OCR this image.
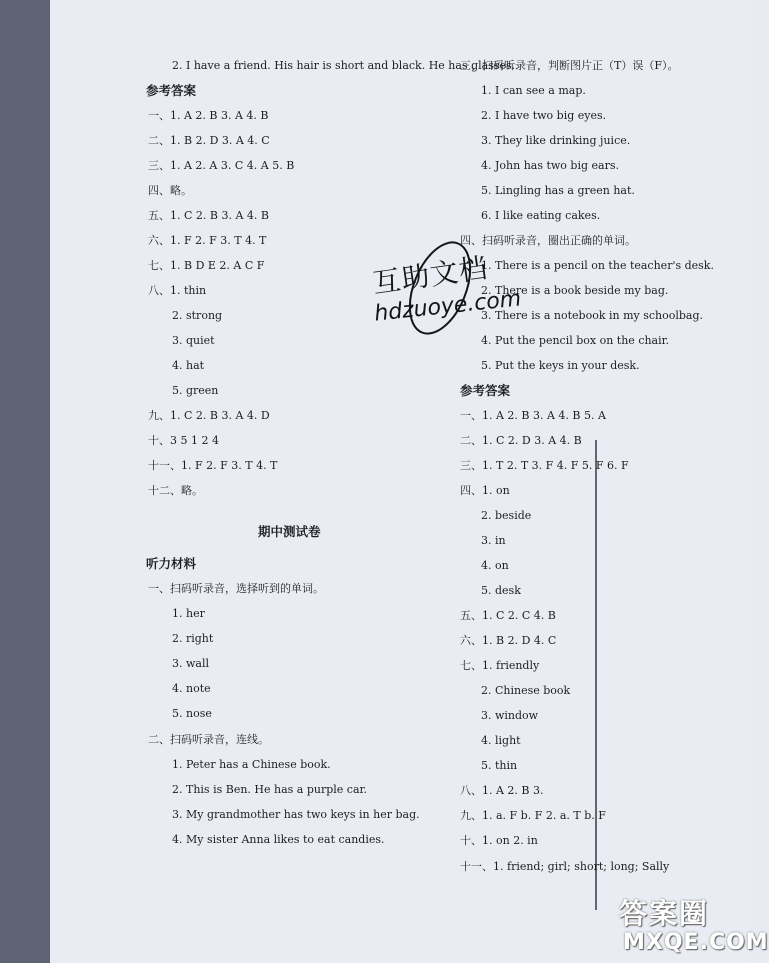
2. I have a friend. His hair is short and black. He has glasses.
参考答案
一、1. A 2. B 3. A 4. B
二、1. B 2. D 3. A 4. C
三、1. A 2. A 3. C 4. A 5. B
四、略。
五、1. C 2. B 3. A 4. B
六、1. F 2. F 3. T 4. T
七、1. B D E 2. A C F
八、1. thin
2. strong
3. quiet
4. hat
5. green
九、1. C 2. B 3. A 4. D
十、3 5 1 2 4
十一、1. F 2. F 3. T 4. T
十二、略。
期中测试卷
听力材料
一、扫码听录音，选择听到的单词。
1. her
2. right
3. wall
4. note
5. nose
二、扫码听录音，连线。
1. Peter has a Chinese book.
2. This is Ben. He has a purple car.
3. My grandmother has two keys in her bag.
4. My sister Anna likes to eat candies.
三、扫码听录音，判断图片正（T）误（F）。
1. I can see a map.
2. I have two big eyes.
3. They like drinking juice.
4. John has two big ears.
5. Lingling has a green hat.
6. I like eating cakes.
四、扫码听录音，圈出正确的单词。
1. There is a pencil on the teacher's desk.
2. There is a book beside my bag.
3. There is a notebook in my schoolbag.
4. Put the pencil box on the chair.
5. Put the keys in your desk.
参考答案
一、1. A 2. B 3. A 4. B 5. A
二、1. C 2. D 3. A 4. B
三、1. T 2. T 3. F 4. F 5. F 6. F
四、1. on
2. beside
3. in
4. on
5. desk
五、1. C 2. C 4. B
六、1. B 2. D 4. C
七、1. friendly
2. Chinese book
3. window
4. light
5. thin
八、1. A 2. B 3.
九、1. a. F b. F 2. a. T b. F
十、1. on 2. in
十一、1. friend; girl; short; long; Sally
互助文档
hdzuoye.com
答案圈
MXQE.COM
